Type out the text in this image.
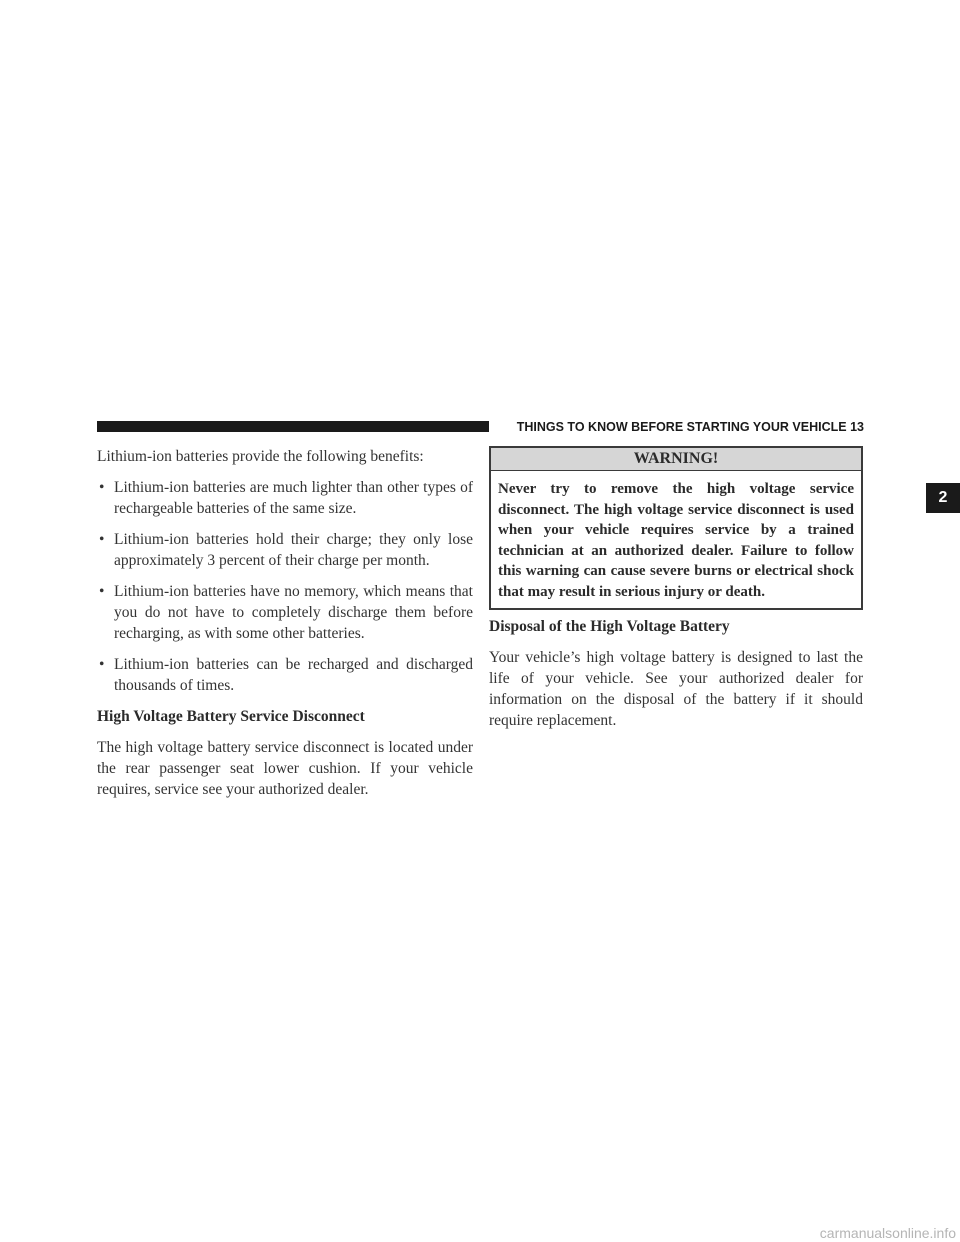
THINGS TO KNOW BEFORE STARTING YOUR VEHICLE 13
2

Lithium-ion batteries provide the following benefits:

• Lithium-ion batteries are much lighter than other types of rechargeable batteries of the same size.
• Lithium-ion batteries hold their charge; they only lose approximately 3 percent of their charge per month.
• Lithium-ion batteries have no memory, which means that you do not have to completely discharge them before recharging, as with some other batteries.
• Lithium-ion batteries can be recharged and discharged thousands of times.

High Voltage Battery Service Disconnect

The high voltage battery service disconnect is located under the rear passenger seat lower cushion. If your vehicle requires, service see your authorized dealer.

WARNING!
Never try to remove the high voltage service disconnect. The high voltage service disconnect is used when your vehicle requires service by a trained technician at an authorized dealer. Failure to follow this warning can cause severe burns or electrical shock that may result in serious injury or death.

Disposal of the High Voltage Battery

Your vehicle’s high voltage battery is designed to last the life of your vehicle. See your authorized dealer for information on the disposal of the battery if it should require replacement.

carmanualsonline.info
